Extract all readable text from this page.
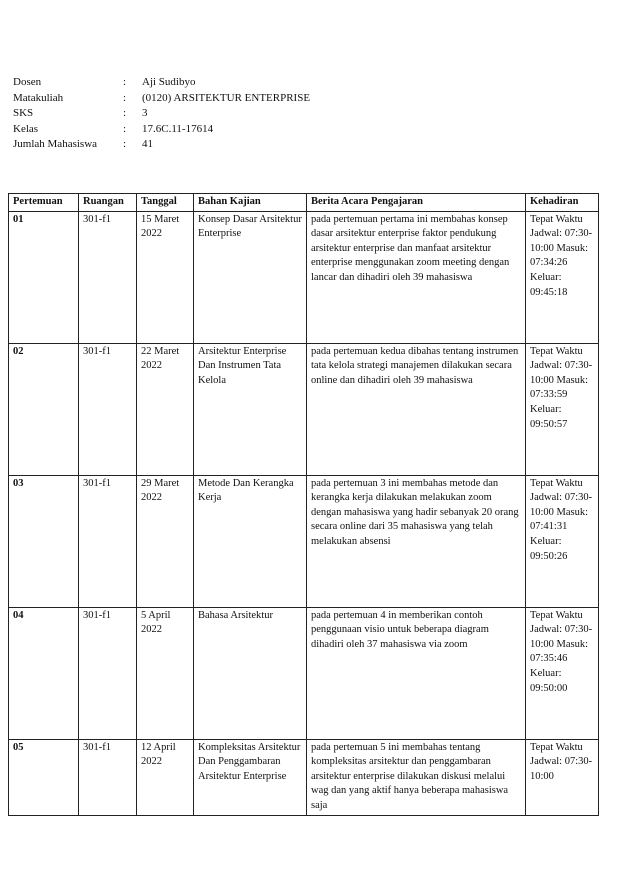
Dosen	:	Aji Sudibyo
Matakuliah	:	(0120) ARSITEKTUR ENTERPRISE
SKS	:	3
Kelas	:	17.6C.11-17614
Jumlah Mahasiswa	:	41
Pertemuan	Ruangan	Tanggal	Bahan Kajian	Berita Acara Pengajaran	Kehadiran
01	301-f1	15 Maret 2022	Konsep Dasar Arsitektur Enterprise	pada pertemuan pertama ini membahas konsep dasar arsitektur enterprise faktor pendukung arsitektur enterprise dan manfaat arsitektur enterprise menggunakan zoom meeting dengan lancar dan dihadiri oleh 39 mahasiswa	Tepat Waktu Jadwal: 07:30- 10:00 Masuk: 07:34:26 Keluar: 09:45:18
02	301-f1	22 Maret 2022	Arsitektur Enterprise Dan Instrumen Tata Kelola	pada pertemuan kedua dibahas tentang instrumen tata kelola strategi manajemen dilakukan secara online dan dihadiri oleh 39 mahasiswa	Tepat Waktu Jadwal: 07:30- 10:00 Masuk: 07:33:59 Keluar: 09:50:57
03	301-f1	29 Maret 2022	Metode Dan Kerangka Kerja	pada pertemuan 3 ini membahas metode dan kerangka kerja dilakukan melakukan zoom dengan mahasiswa yang hadir sebanyak 20 orang secara online dari 35 mahasiswa yang telah melakukan absensi	Tepat Waktu Jadwal: 07:30- 10:00 Masuk: 07:41:31 Keluar: 09:50:26
04	301-f1	5 April 2022	Bahasa Arsitektur	pada pertemuan 4 in memberikan contoh penggunaan visio untuk beberapa diagram dihadiri oleh 37 mahasiswa via zoom	Tepat Waktu Jadwal: 07:30- 10:00 Masuk: 07:35:46 Keluar: 09:50:00
05	301-f1	12 April 2022	Kompleksitas Arsitektur Dan Penggambaran Arsitektur Enterprise	pada pertemuan 5 ini membahas tentang kompleksitas arsitektur dan penggambaran arsitektur enterprise dilakukan diskusi melalui wag dan yang aktif hanya beberapa mahasiswa saja	Tepat Waktu Jadwal: 07:30- 10:00
